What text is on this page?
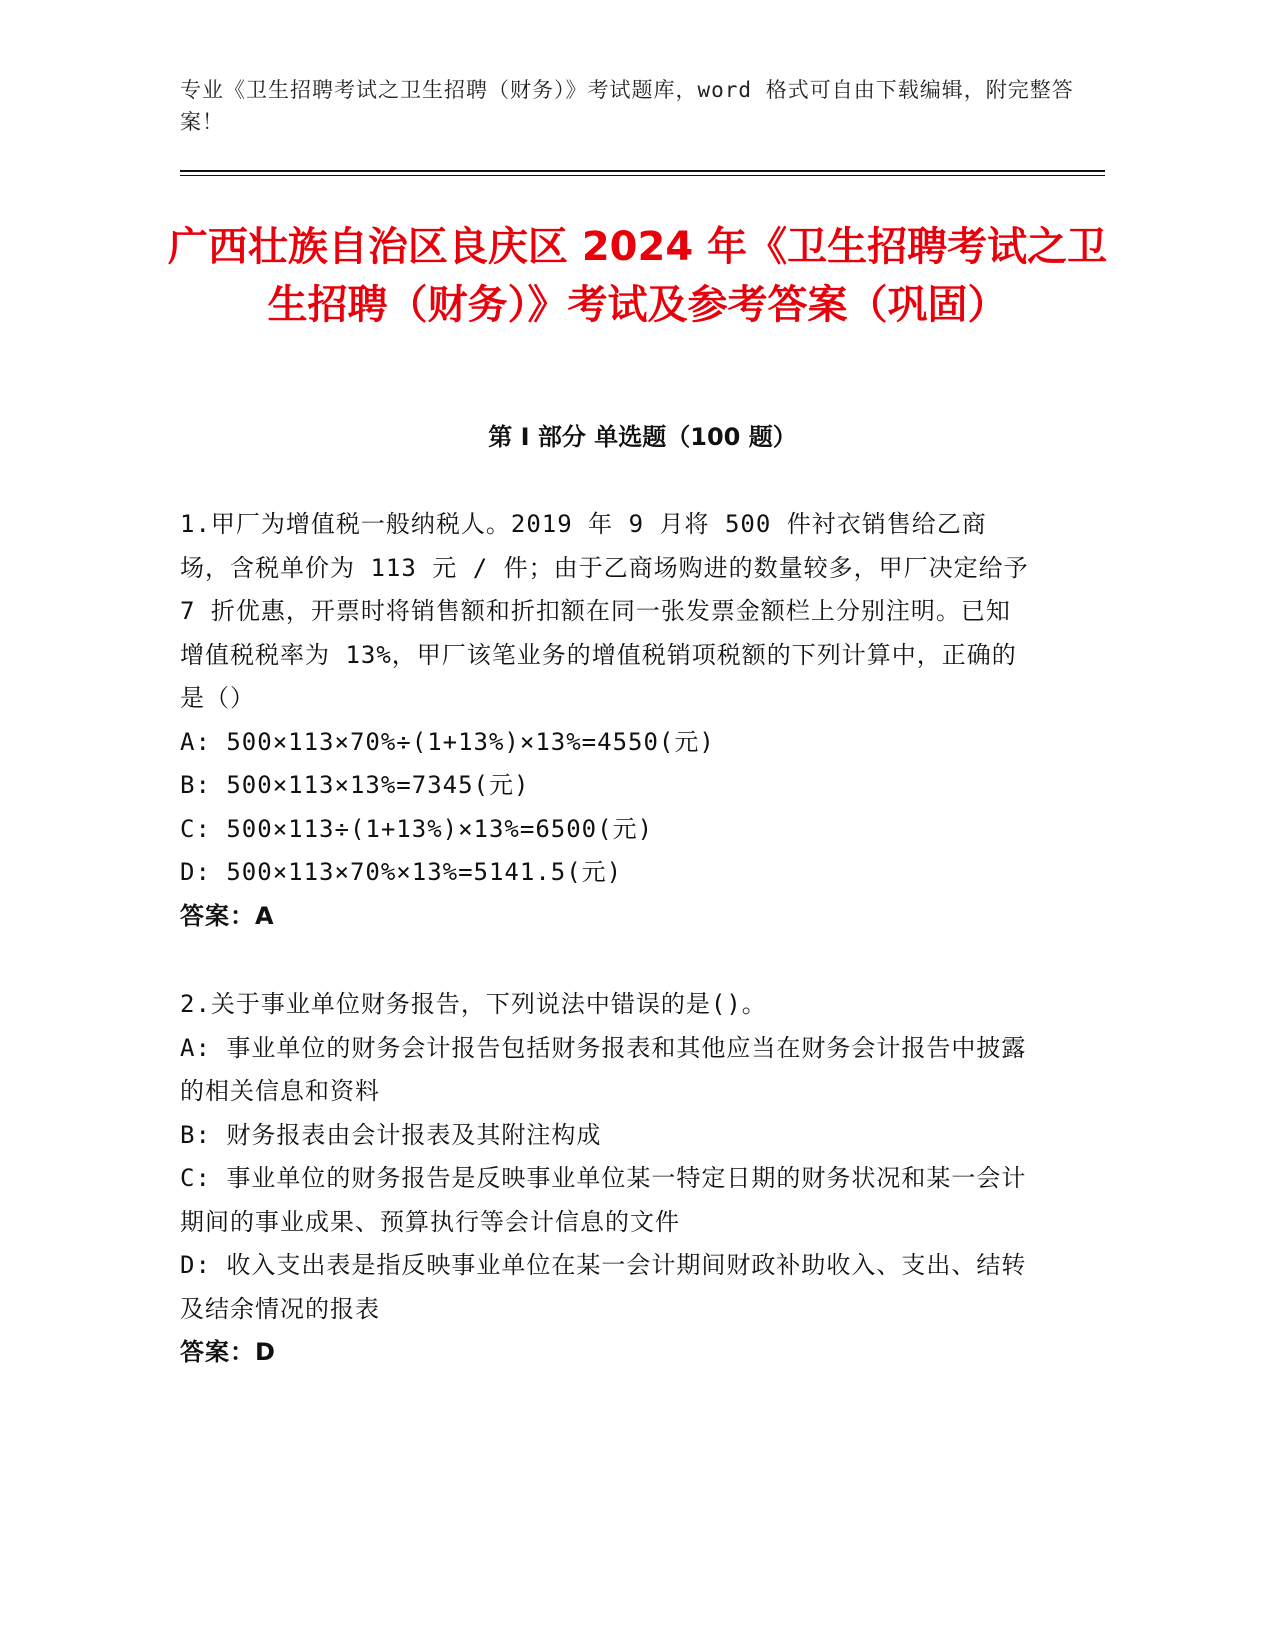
专业《卫生招聘考试之卫生招聘（财务）》考试题库，word 格式可自由下载编辑，附完整答案！
广西壮族自治区良庆区 2024 年《卫生招聘考试之卫生招聘（财务）》考试及参考答案（巩固）
第 I 部分 单选题（100 题）

1.甲厂为增值税一般纳税人。2019 年 9 月将 500 件衬衣销售给乙商场，含税单价为 113 元 / 件；由于乙商场购进的数量较多，甲厂决定给予 7 折优惠，开票时将销售额和折扣额在同一张发票金额栏上分别注明。已知增值税税率为 13%，甲厂该笔业务的增值税销项税额的下列计算中，正确的是（）

A: 500×113×70%÷(1+13%)×13%=4550(元)

B: 500×113×13%=7345(元)

C: 500×113÷(1+13%)×13%=6500(元)

D: 500×113×70%×13%=5141.5(元)

答案：A

2.关于事业单位财务报告，下列说法中错误的是()。

A: 事业单位的财务会计报告包括财务报表和其他应当在财务会计报告中披露的相关信息和资料

B: 财务报表由会计报表及其附注构成

C: 事业单位的财务报告是反映事业单位某一特定日期的财务状况和某一会计期间的事业成果、预算执行等会计信息的文件

D: 收入支出表是指反映事业单位在某一会计期间财政补助收入、支出、结转及结余情况的报表

答案：D
